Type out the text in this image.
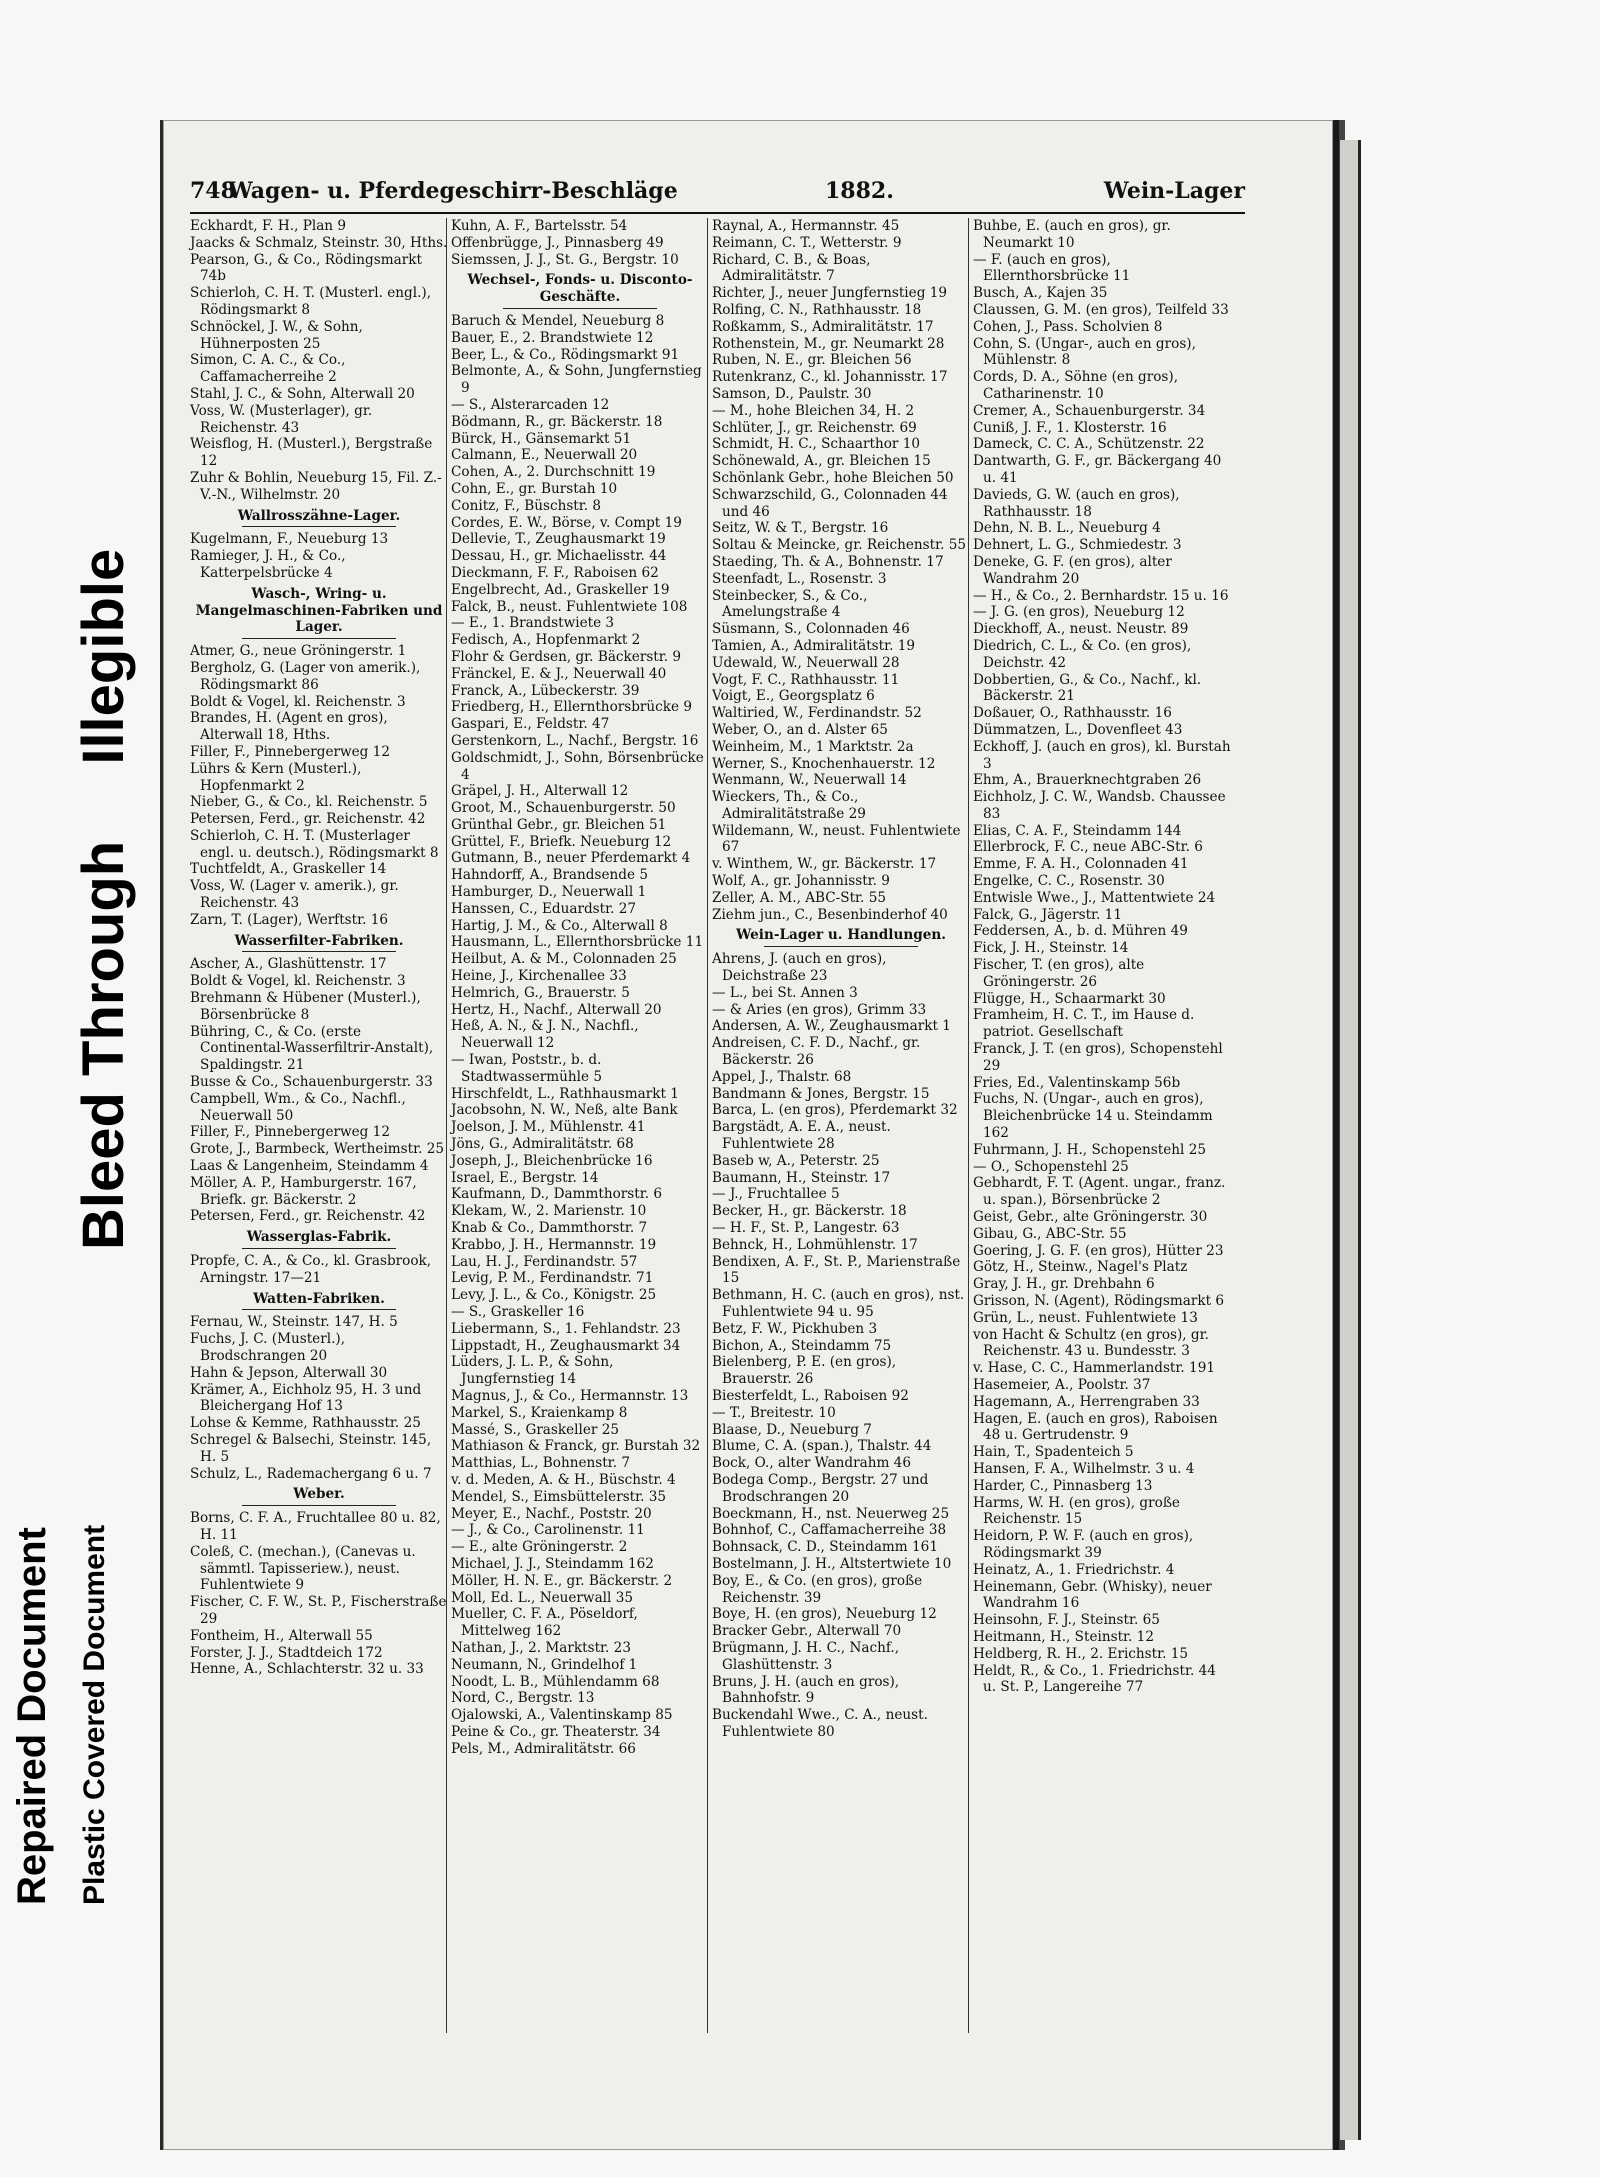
748
Wagen- u. Pferdegeschirr-Beschläge	1882.	Wein-Lager
Eckhardt, F. H., Plan 9
Jaacks & Schmalz, Steinstr. 30, Hths.
Pearson, G., & Co., Rödingsmarkt 74b
Schierloh, C. H. T. (Musterl. engl.), Rödingsmarkt 8
Schnöckel, J. W., & Sohn, Hühnerposten 25
Simon, C. A. C., & Co., Caffamacherreihe 2
Stahl, J. C., & Sohn, Alterwall 20
Voss, W. (Musterlager), gr. Reichenstr. 43
Weisflog, H. (Musterl.), Bergstraße 12
Zuhr & Bohlin, Neueburg 15, Fil. Z.-V.-N., Wilhelmstr. 20
Wallrosszähne-Lager.
Kugelmann, F., Neueburg 13
Ramieger, J. H., & Co., Katterpelsbrücke 4
Wasch-, Wring- u. Mangelmaschinen-Fabriken und Lager.
Atmer, G., neue Gröningerstr. 1
Bergholz, G. (Lager von amerik.), Rödingsmarkt 86
Boldt & Vogel, kl. Reichenstr. 3
Brandes, H. (Agent en gros), Alterwall 18, Hths.
Filler, F., Pinnebergerweg 12
Lührs & Kern (Musterl.), Hopfenmarkt 2
Nieber, G., & Co., kl. Reichenstr. 5
Petersen, Ferd., gr. Reichenstr. 42
Schierloh, C. H. T. (Musterlager engl. u. deutsch.), Rödingsmarkt 8
Tuchtfeldt, A., Graskeller 14
Voss, W. (Lager v. amerik.), gr. Reichenstr. 43
Zarn, T. (Lager), Werftstr. 16
Wasserfilter-Fabriken.
Ascher, A., Glashüttenstr. 17
Boldt & Vogel, kl. Reichenstr. 3
Brehmann & Hübener (Musterl.), Börsenbrücke 8
Bühring, C., & Co. (erste Continental-Wasserfiltrir-Anstalt), Spaldingstr. 21
Busse & Co., Schauenburgerstr. 33
Campbell, Wm., & Co., Nachfl., Neuerwall 50
Filler, F., Pinnebergerweg 12
Grote, J., Barmbeck, Wertheimstr. 25
Laas & Langenheim, Steindamm 4
Möller, A. P., Hamburgerstr. 167, Briefk. gr. Bäckerstr. 2
Petersen, Ferd., gr. Reichenstr. 42
Wasserglas-Fabrik.
Propfe, C. A., & Co., kl. Grasbrook, Arningstr. 17—21
Watten-Fabriken.
Fernau, W., Steinstr. 147, H. 5
Fuchs, J. C. (Musterl.), Brodschrangen 20
Hahn & Jepson, Alterwall 30
Krämer, A., Eichholz 95, H. 3 und Bleichergang Hof 13
Lohse & Kemme, Rathhausstr. 25
Schregel & Balsechi, Steinstr. 145, H. 5
Schulz, L., Rademachergang 6 u. 7
Weber.
Borns, C. F. A., Fruchtallee 80 u. 82, H. 11
Coleß, C. (mechan.), (Canevas u. sämmtl. Tapisseriew.), neust. Fuhlentwiete 9
Fischer, C. F. W., St. P., Fischerstraße 29
Fontheim, H., Alterwall 55
Forster, J. J., Stadtdeich 172
Henne, A., Schlachterstr. 32 u. 33
Kuhn, A. F., Bartelsstr. 54
Offenbrügge, J., Pinnasberg 49
Siemssen, J. J., St. G., Bergstr. 10
Wechsel-, Fonds- u. Disconto-Geschäfte.
Baruch & Mendel, Neueburg 8
Bauer, E., 2. Brandstwiete 12
Beer, L., & Co., Rödingsmarkt 91
Belmonte, A., & Sohn, Jungfernstieg 9
— S., Alsterarcaden 12
Bödmann, R., gr. Bäckerstr. 18
Bürck, H., Gänsemarkt 51
Calmann, E., Neuerwall 20
Cohen, A., 2. Durchschnitt 19
Cohn, E., gr. Burstah 10
Conitz, F., Büschstr. 8
Cordes, E. W., Börse, v. Compt 19
Dellevie, T., Zeughausmarkt 19
Dessau, H., gr. Michaelisstr. 44
Dieckmann, F. F., Raboisen 62
Engelbrecht, Ad., Graskeller 19
Falck, B., neust. Fuhlentwiete 108
— E., 1. Brandstwiete 3
Fedisch, A., Hopfenmarkt 2
Flohr & Gerdsen, gr. Bäckerstr. 9
Fränckel, E. & J., Neuerwall 40
Franck, A., Lübeckerstr. 39
Friedberg, H., Ellernthorsbrücke 9
Gaspari, E., Feldstr. 47
Gerstenkorn, L., Nachf., Bergstr. 16
Goldschmidt, J., Sohn, Börsenbrücke 4
Gräpel, J. H., Alterwall 12
Groot, M., Schauenburgerstr. 50
Grünthal Gebr., gr. Bleichen 51
Grüttel, F., Briefk. Neueburg 12
Gutmann, B., neuer Pferdemarkt 4
Hahndorff, A., Brandsende 5
Hamburger, D., Neuerwall 1
Hanssen, C., Eduardstr. 27
Hartig, J. M., & Co., Alterwall 8
Hausmann, L., Ellernthorsbrücke 11
Heilbut, A. & M., Colonnaden 25
Heine, J., Kirchenallee 33
Helmrich, G., Brauerstr. 5
Hertz, H., Nachf., Alterwall 20
Heß, A. N., & J. N., Nachfl., Neuerwall 12
— Iwan, Poststr., b. d. Stadtwassermühle 5
Hirschfeldt, L., Rathhausmarkt 1
Jacobsohn, N. W., Neß, alte Bank
Joelson, J. M., Mühlenstr. 41
Jöns, G., Admiralitätstr. 68
Joseph, J., Bleichenbrücke 16
Israel, E., Bergstr. 14
Kaufmann, D., Dammthorstr. 6
Klekam, W., 2. Marienstr. 10
Knab & Co., Dammthorstr. 7
Krabbo, J. H., Hermannstr. 19
Lau, H. J., Ferdinandstr. 57
Levig, P. M., Ferdinandstr. 71
Levy, J. L., & Co., Königstr. 25
— S., Graskeller 16
Liebermann, S., 1. Fehlandstr. 23
Lippstadt, H., Zeughausmarkt 34
Lüders, J. L. P., & Sohn, Jungfernstieg 14
Magnus, J., & Co., Hermannstr. 13
Markel, S., Kraienkamp 8
Massé, S., Graskeller 25
Mathiason & Franck, gr. Burstah 32
Matthias, L., Bohnenstr. 7
v. d. Meden, A. & H., Büschstr. 4
Mendel, S., Eimsbüttelerstr. 35
Meyer, E., Nachf., Poststr. 20
— J., & Co., Carolinenstr. 11
— E., alte Gröningerstr. 2
Michael, J. J., Steindamm 162
Möller, H. N. E., gr. Bäckerstr. 2
Moll, Ed. L., Neuerwall 35
Mueller, C. F. A., Pöseldorf, Mittelweg 162
Nathan, J., 2. Marktstr. 23
Neumann, N., Grindelhof 1
Noodt, L. B., Mühlendamm 68
Nord, C., Bergstr. 13
Ojalowski, A., Valentinskamp 85
Peine & Co., gr. Theaterstr. 34
Pels, M., Admiralitätstr. 66
Raynal, A., Hermannstr. 45
Reimann, C. T., Wetterstr. 9
Richard, C. B., & Boas, Admiralitätstr. 7
Richter, J., neuer Jungfernstieg 19
Rolfing, C. N., Rathhausstr. 18
Roßkamm, S., Admiralitätstr. 17
Rothenstein, M., gr. Neumarkt 28
Ruben, N. E., gr. Bleichen 56
Rutenkranz, C., kl. Johannisstr. 17
Samson, D., Paulstr. 30
— M., hohe Bleichen 34, H. 2
Schlüter, J., gr. Reichenstr. 69
Schmidt, H. C., Schaarthor 10
Schönewald, A., gr. Bleichen 15
Schönlank Gebr., hohe Bleichen 50
Schwarzschild, G., Colonnaden 44 und 46
Seitz, W. & T., Bergstr. 16
Soltau & Meincke, gr. Reichenstr. 55
Staeding, Th. & A., Bohnenstr. 17
Steenfadt, L., Rosenstr. 3
Steinbecker, S., & Co., Amelungstraße 4
Süsmann, S., Colonnaden 46
Tamien, A., Admiralitätstr. 19
Udewald, W., Neuerwall 28
Vogt, F. C., Rathhausstr. 11
Voigt, E., Georgsplatz 6
Waltiried, W., Ferdinandstr. 52
Weber, O., an d. Alster 65
Weinheim, M., 1 Marktstr. 2a
Werner, S., Knochenhauerstr. 12
Wenmann, W., Neuerwall 14
Wieckers, Th., & Co., Admiralitätstraße 29
Wildemann, W., neust. Fuhlentwiete 67
v. Winthem, W., gr. Bäckerstr. 17
Wolf, A., gr. Johannisstr. 9
Zeller, A. M., ABC-Str. 55
Ziehm jun., C., Besenbinderhof 40
Wein-Lager u. Handlungen.
Ahrens, J. (auch en gros), Deichstraße 23
— L., bei St. Annen 3
— & Aries (en gros), Grimm 33
Andersen, A. W., Zeughausmarkt 1
Andreisen, C. F. D., Nachf., gr. Bäckerstr. 26
Appel, J., Thalstr. 68
Bandmann & Jones, Bergstr. 15
Barca, L. (en gros), Pferdemarkt 32
Bargstädt, A. E. A., neust. Fuhlentwiete 28
Baseb w, A., Peterstr. 25
Baumann, H., Steinstr. 17
— J., Fruchtallee 5
Becker, H., gr. Bäckerstr. 18
— H. F., St. P., Langestr. 63
Behnck, H., Lohmühlenstr. 17
Bendixen, A. F., St. P., Marienstraße 15
Bethmann, H. C. (auch en gros), nst. Fuhlentwiete 94 u. 95
Betz, F. W., Pickhuben 3
Bichon, A., Steindamm 75
Bielenberg, P. E. (en gros), Brauerstr. 26
Biesterfeldt, L., Raboisen 92
— T., Breitestr. 10
Blaase, D., Neueburg 7
Blume, C. A. (span.), Thalstr. 44
Bock, O., alter Wandrahm 46
Bodega Comp., Bergstr. 27 und Brodschrangen 20
Boeckmann, H., nst. Neuerweg 25
Bohnhof, C., Caffamacherreihe 38
Bohnsack, C. D., Steindamm 161
Bostelmann, J. H., Altstertwiete 10
Boy, E., & Co. (en gros), große Reichenstr. 39
Boye, H. (en gros), Neueburg 12
Bracker Gebr., Alterwall 70
Brügmann, J. H. C., Nachf., Glashüttenstr. 3
Bruns, J. H. (auch en gros), Bahnhofstr. 9
Buckendahl Wwe., C. A., neust. Fuhlentwiete 80
Buhbe, E. (auch en gros), gr. Neumarkt 10
— F. (auch en gros), Ellernthorsbrücke 11
Busch, A., Kajen 35
Claussen, G. M. (en gros), Teilfeld 33
Cohen, J., Pass. Scholvien 8
Cohn, S. (Ungar-, auch en gros), Mühlenstr. 8
Cords, D. A., Söhne (en gros), Catharinenstr. 10
Cremer, A., Schauenburgerstr. 34
Cuniß, J. F., 1. Klosterstr. 16
Dameck, C. C. A., Schützenstr. 22
Dantwarth, G. F., gr. Bäckergang 40 u. 41
Davieds, G. W. (auch en gros), Rathhausstr. 18
Dehn, N. B. L., Neueburg 4
Dehnert, L. G., Schmiedestr. 3
Deneke, G. F. (en gros), alter Wandrahm 20
— H., & Co., 2. Bernhardstr. 15 u. 16
— J. G. (en gros), Neueburg 12
Dieckhoff, A., neust. Neustr. 89
Diedrich, C. L., & Co. (en gros), Deichstr. 42
Dobbertien, G., & Co., Nachf., kl. Bäckerstr. 21
Doßauer, O., Rathhausstr. 16
Dümmatzen, L., Dovenfleet 43
Eckhoff, J. (auch en gros), kl. Burstah 3
Ehm, A., Brauerknechtgraben 26
Eichholz, J. C. W., Wandsb. Chaussee 83
Elias, C. A. F., Steindamm 144
Ellerbrock, F. C., neue ABC-Str. 6
Emme, F. A. H., Colonnaden 41
Engelke, C. C., Rosenstr. 30
Entwisle Wwe., J., Mattentwiete 24
Falck, G., Jägerstr. 11
Feddersen, A., b. d. Mühren 49
Fick, J. H., Steinstr. 14
Fischer, T. (en gros), alte Gröningerstr. 26
Flügge, H., Schaarmarkt 30
Framheim, H. C. T., im Hause d. patriot. Gesellschaft
Franck, J. T. (en gros), Schopenstehl 29
Fries, Ed., Valentinskamp 56b
Fuchs, N. (Ungar-, auch en gros), Bleichenbrücke 14 u. Steindamm 162
Fuhrmann, J. H., Schopenstehl 25
— O., Schopenstehl 25
Gebhardt, F. T. (Agent. ungar., franz. u. span.), Börsenbrücke 2
Geist, Gebr., alte Gröningerstr. 30
Gibau, G., ABC-Str. 55
Goering, J. G. F. (en gros), Hütter 23
Götz, H., Steinw., Nagel's Platz
Gray, J. H., gr. Drehbahn 6
Grisson, N. (Agent), Rödingsmarkt 6
Grün, L., neust. Fuhlentwiete 13
von Hacht & Schultz (en gros), gr. Reichenstr. 43 u. Bundesstr. 3
v. Hase, C. C., Hammerlandstr. 191
Hasemeier, A., Poolstr. 37
Hagemann, A., Herrengraben 33
Hagen, E. (auch en gros), Raboisen 48 u. Gertrudenstr. 9
Hain, T., Spadenteich 5
Hansen, F. A., Wilhelmstr. 3 u. 4
Harder, C., Pinnasberg 13
Harms, W. H. (en gros), große Reichenstr. 15
Heidorn, P. W. F. (auch en gros), Rödingsmarkt 39
Heinatz, A., 1. Friedrichstr. 4
Heinemann, Gebr. (Whisky), neuer Wandrahm 16
Heinsohn, F. J., Steinstr. 65
Heitmann, H., Steinstr. 12
Heldberg, R. H., 2. Erichstr. 15
Heldt, R., & Co., 1. Friedrichstr. 44 u. St. P., Langereihe 77
Bleed Through Illegible
Repaired Document Plastic Covered Document
